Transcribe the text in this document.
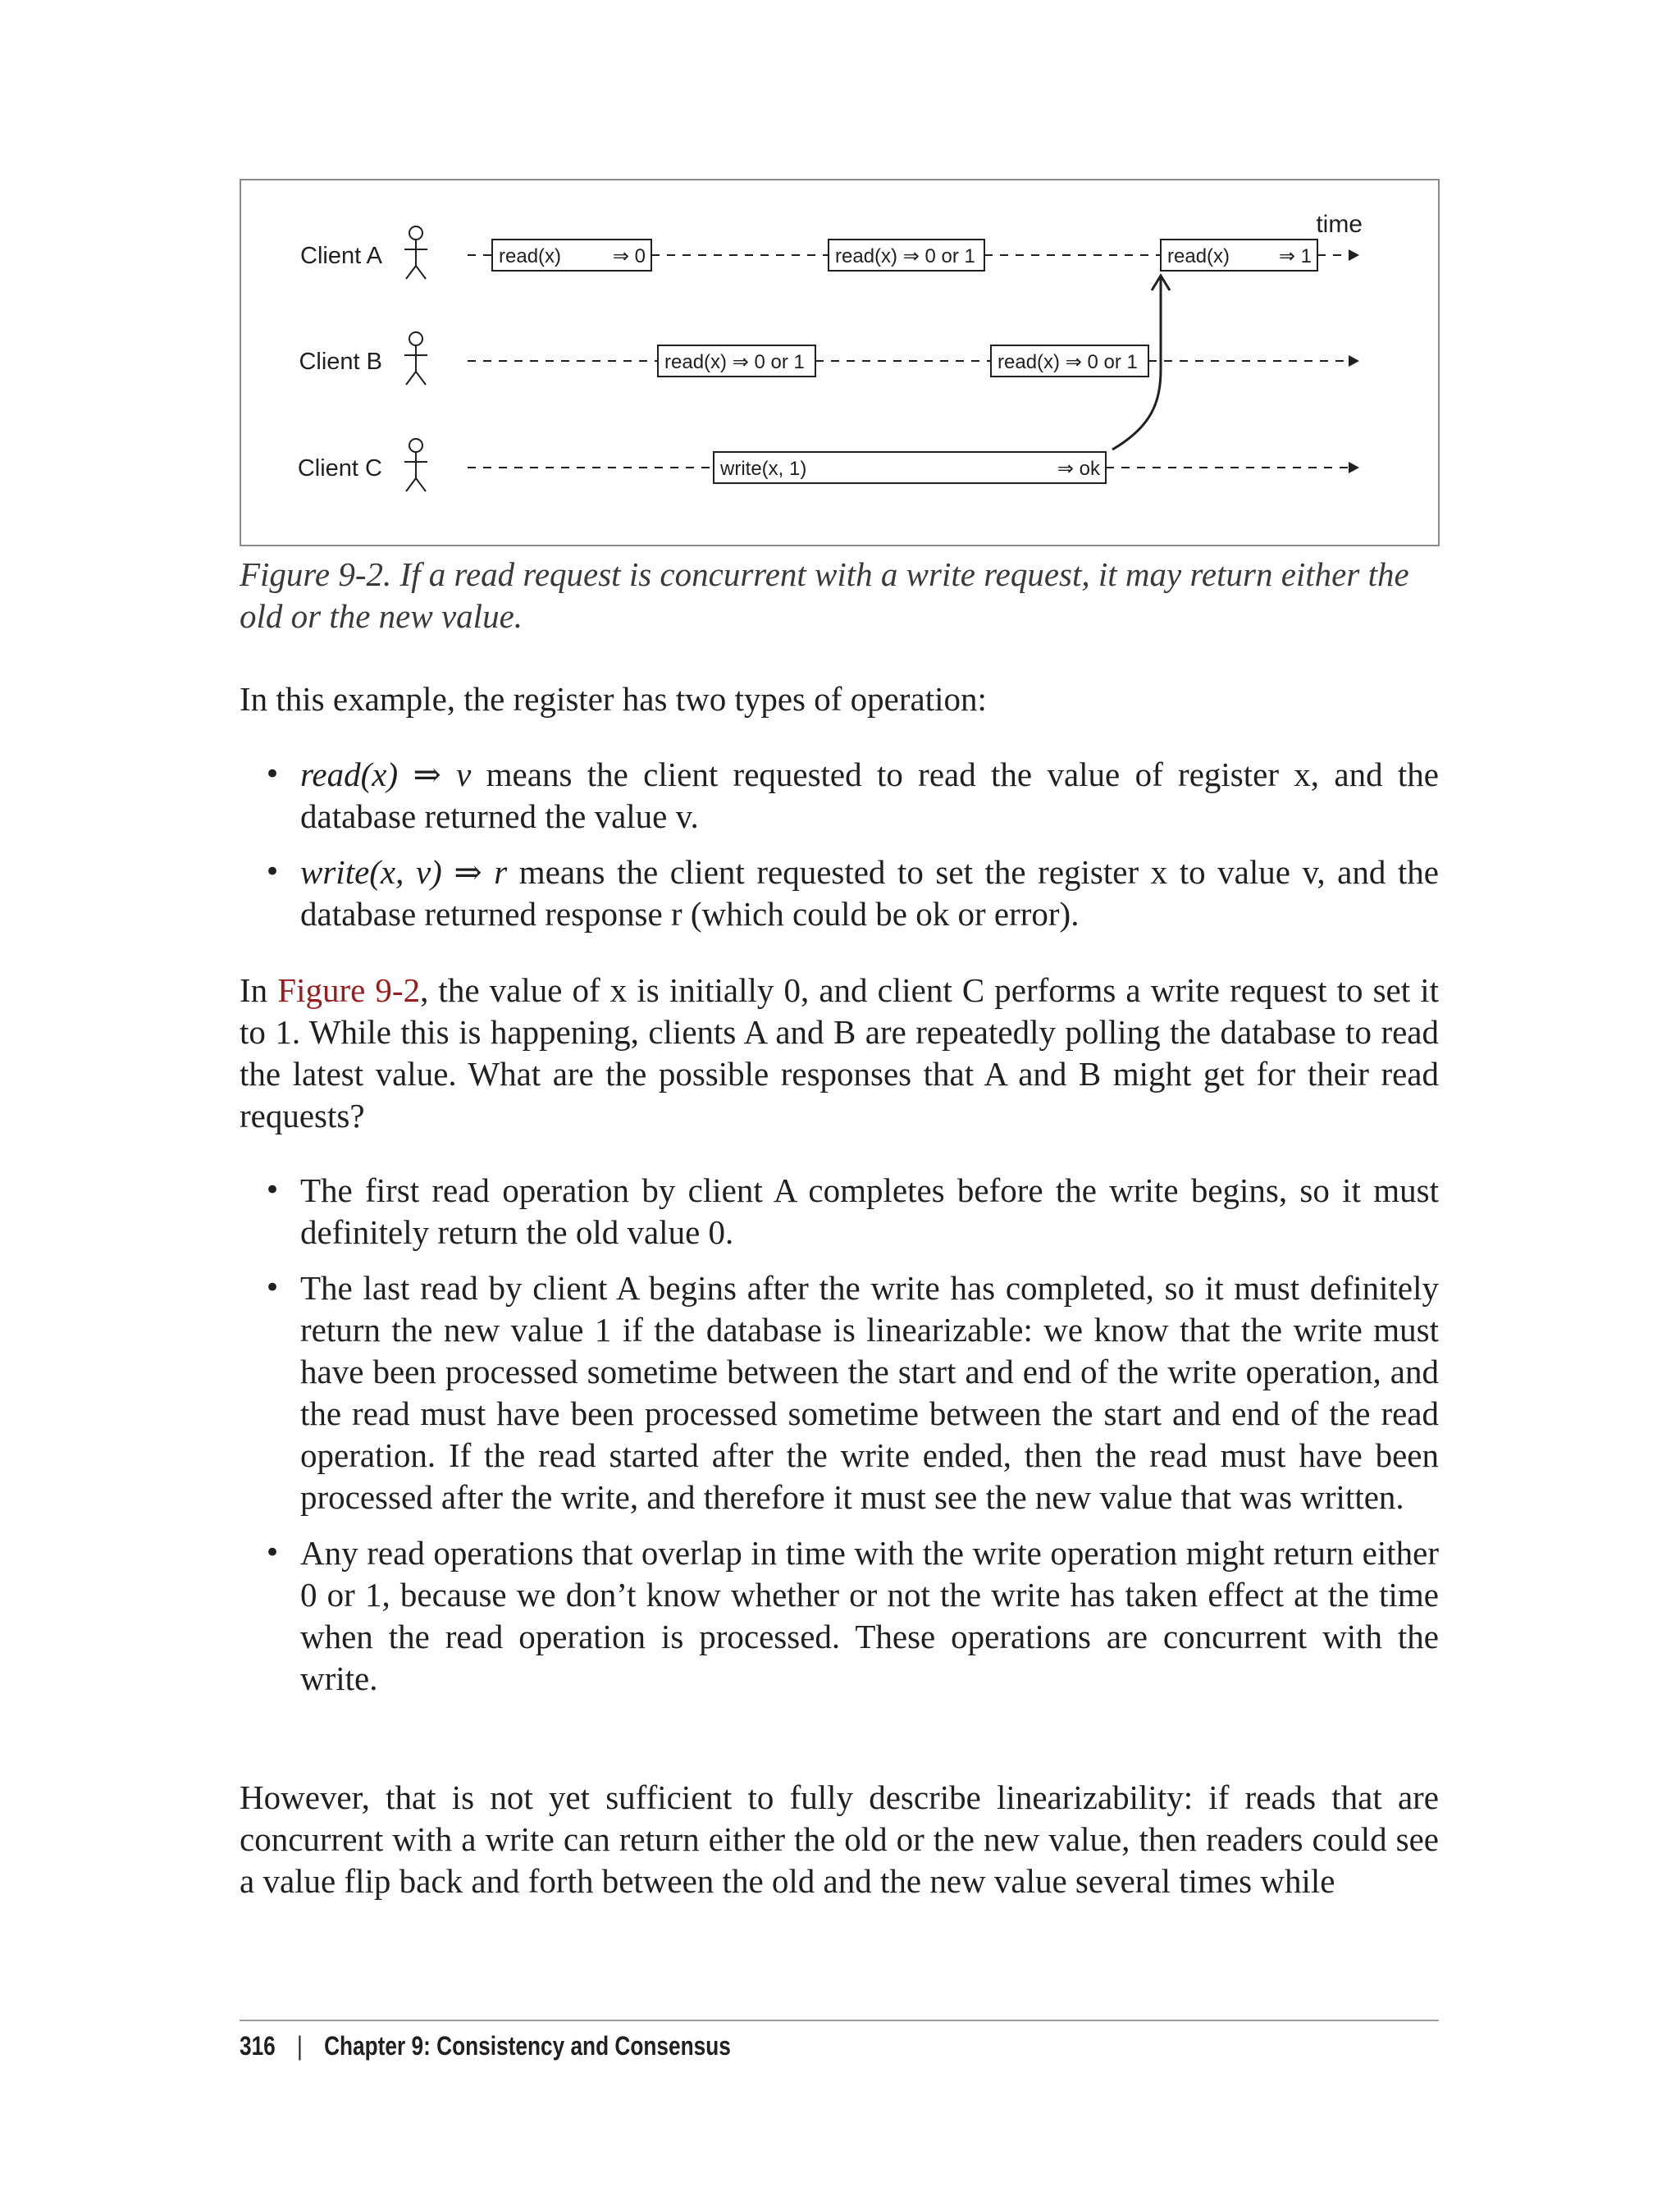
Client A
Client B
Client C
time
read(x)	⇒ 0	read(x) ⇒ 0 or 1	read(x) ⇒ 1
read(x) ⇒ 0 or 1	read(x) ⇒ 0 or 1
write(x, 1)	⇒ ok

Figure 9-2. If a read request is concurrent with a write request, it may return either the old or the new value.

In this example, the register has two types of operation:

• read(x) ⇒ v means the client requested to read the value of register x, and the database returned the value v.
• write(x, v) ⇒ r means the client requested to set the register x to value v, and the database returned response r (which could be ok or error).

In Figure 9-2, the value of x is initially 0, and client C performs a write request to set it to 1. While this is happening, clients A and B are repeatedly polling the database to read the latest value. What are the possible responses that A and B might get for their read requests?

• The first read operation by client A completes before the write begins, so it must definitely return the old value 0.
• The last read by client A begins after the write has completed, so it must definitely return the new value 1 if the database is linearizable: we know that the write must have been processed sometime between the start and end of the write operation, and the read must have been processed sometime between the start and end of the read operation. If the read started after the write ended, then the read must have been processed after the write, and therefore it must see the new value that was written.
• Any read operations that overlap in time with the write operation might return either 0 or 1, because we don’t know whether or not the write has taken effect at the time when the read operation is processed. These operations are concurrent with the write.

However, that is not yet sufficient to fully describe linearizability: if reads that are concurrent with a write can return either the old or the new value, then readers could see a value flip back and forth between the old and the new value several times while

316 | Chapter 9: Consistency and Consensus
